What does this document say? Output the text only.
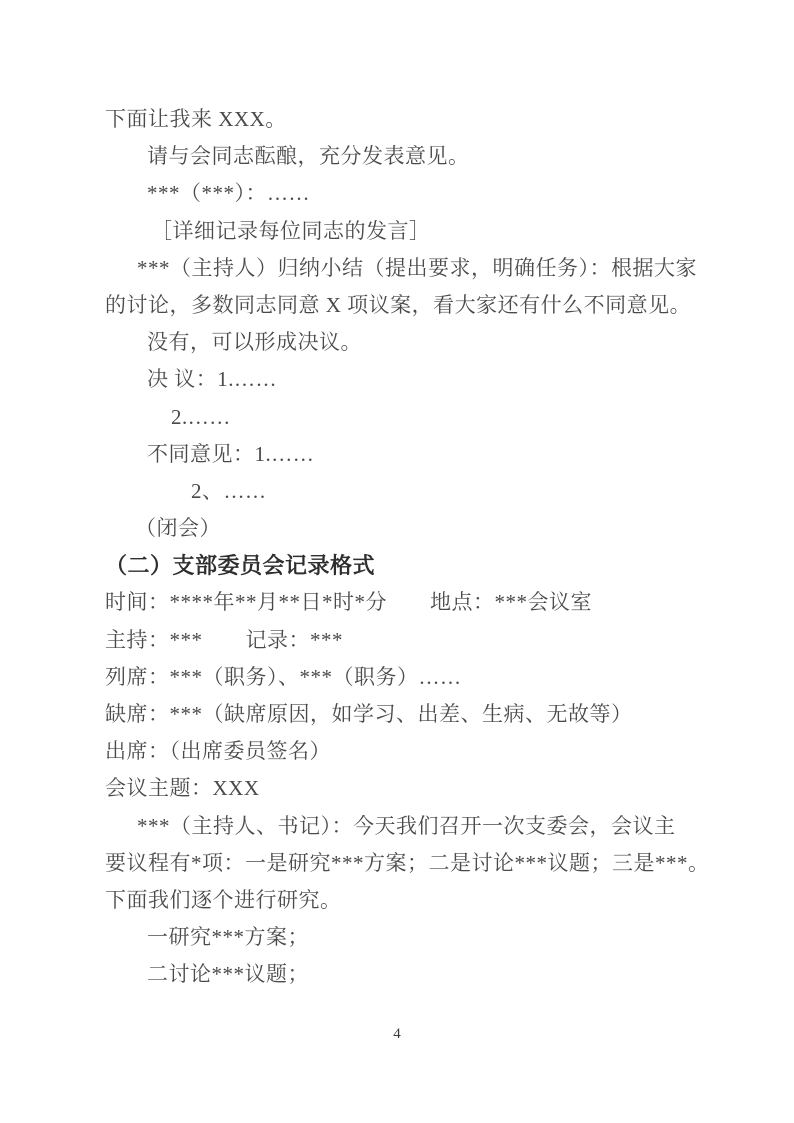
下面让我来 XXX。
请与会同志酝酿，充分发表意见。
***（***）：……
［详细记录每位同志的发言］
***（主持人）归纳小结（提出要求，明确任务）：根据大家
的讨论，多数同志同意 X 项议案，看大家还有什么不同意见。
没有，可以形成决议。
决 议：1.……
2.……
不同意见：1.……
2、……
（闭会）
（二）支部委员会记录格式
时间：****年**月**日*时*分　　地点：***会议室
主持：***　　记录：***
列席：***（职务）、***（职务）……
缺席：***（缺席原因，如学习、出差、生病、无故等）
出席：（出席委员签名）
会议主题：XXX
***（主持人、书记）：今天我们召开一次支委会，会议主
要议程有*项：一是研究***方案；二是讨论***议题；三是***。
下面我们逐个进行研究。
一研究***方案；
二讨论***议题；
4
